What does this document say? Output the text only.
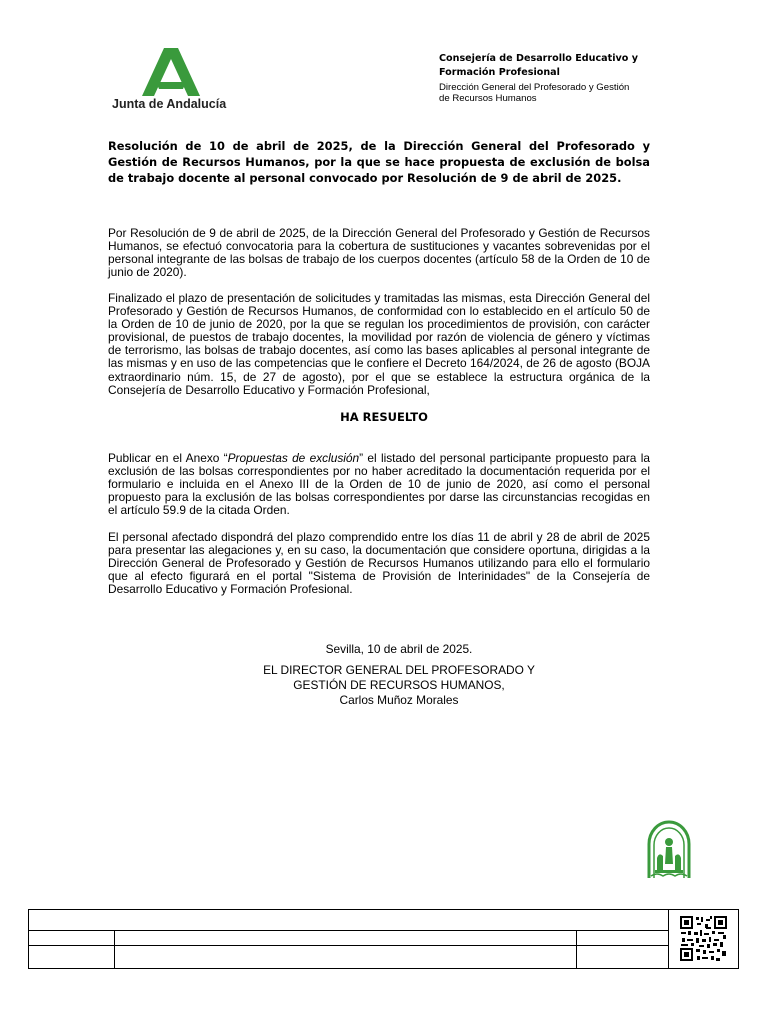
Junta de Andalucía
Consejería de Desarrollo Educativo y
Formación Profesional
Dirección General del Profesorado y Gestión
de Recursos Humanos
Resolución de 10 de abril de 2025, de la Dirección General del Profesorado y Gestión de Recursos Humanos, por la que se hace propuesta de exclusión de bolsa de trabajo docente al personal convocado por Resolución de 9 de abril de 2025.
Por Resolución de 9 de abril de 2025, de la Dirección General del Profesorado y Gestión de Recursos Humanos, se efectuó convocatoria para la cobertura de sustituciones y vacantes sobrevenidas por el personal integrante de las bolsas de trabajo de los cuerpos docentes (artículo 58 de la Orden de 10 de junio de 2020).
Finalizado el plazo de presentación de solicitudes y tramitadas las mismas, esta Dirección General del Profesorado y Gestión de Recursos Humanos, de conformidad con lo establecido en el artículo 50 de la Orden de 10 de junio de 2020, por la que se regulan los procedimientos de provisión, con carácter provisional, de puestos de trabajo docentes, la movilidad por razón de violencia de género y víctimas de terrorismo, las bolsas de trabajo docentes, así como las bases aplicables al personal integrante de las mismas y en uso de las competencias que le confiere el Decreto 164/2024, de 26 de agosto (BOJA extraordinario núm. 15, de 27 de agosto), por el que se establece la estructura orgánica de la Consejería de Desarrollo Educativo y Formación Profesional,
HA RESUELTO
Publicar en el Anexo “Propuestas de exclusión” el listado del personal participante propuesto para la exclusión de las bolsas correspondientes por no haber acreditado la documentación requerida por el formulario e incluida en el Anexo III de la Orden de 10 de junio de 2020, así como el personal propuesto para la exclusión de las bolsas correspondientes por darse las circunstancias recogidas en el artículo 59.9 de la citada Orden.
El personal afectado dispondrá del plazo comprendido entre los días 11 de abril y 28 de abril de 2025 para presentar las alegaciones y, en su caso, la documentación que considere oportuna, dirigidas a la Dirección General de Profesorado y Gestión de Recursos Humanos utilizando para ello el formulario que al efecto figurará en el portal "Sistema de Provisión de Interinidades" de la Consejería de Desarrollo Educativo y Formación Profesional.
Sevilla, 10 de abril de 2025.
EL DIRECTOR GENERAL DEL PROFESORADO Y
GESTIÓN DE RECURSOS HUMANOS,
Carlos Muñoz Morales
